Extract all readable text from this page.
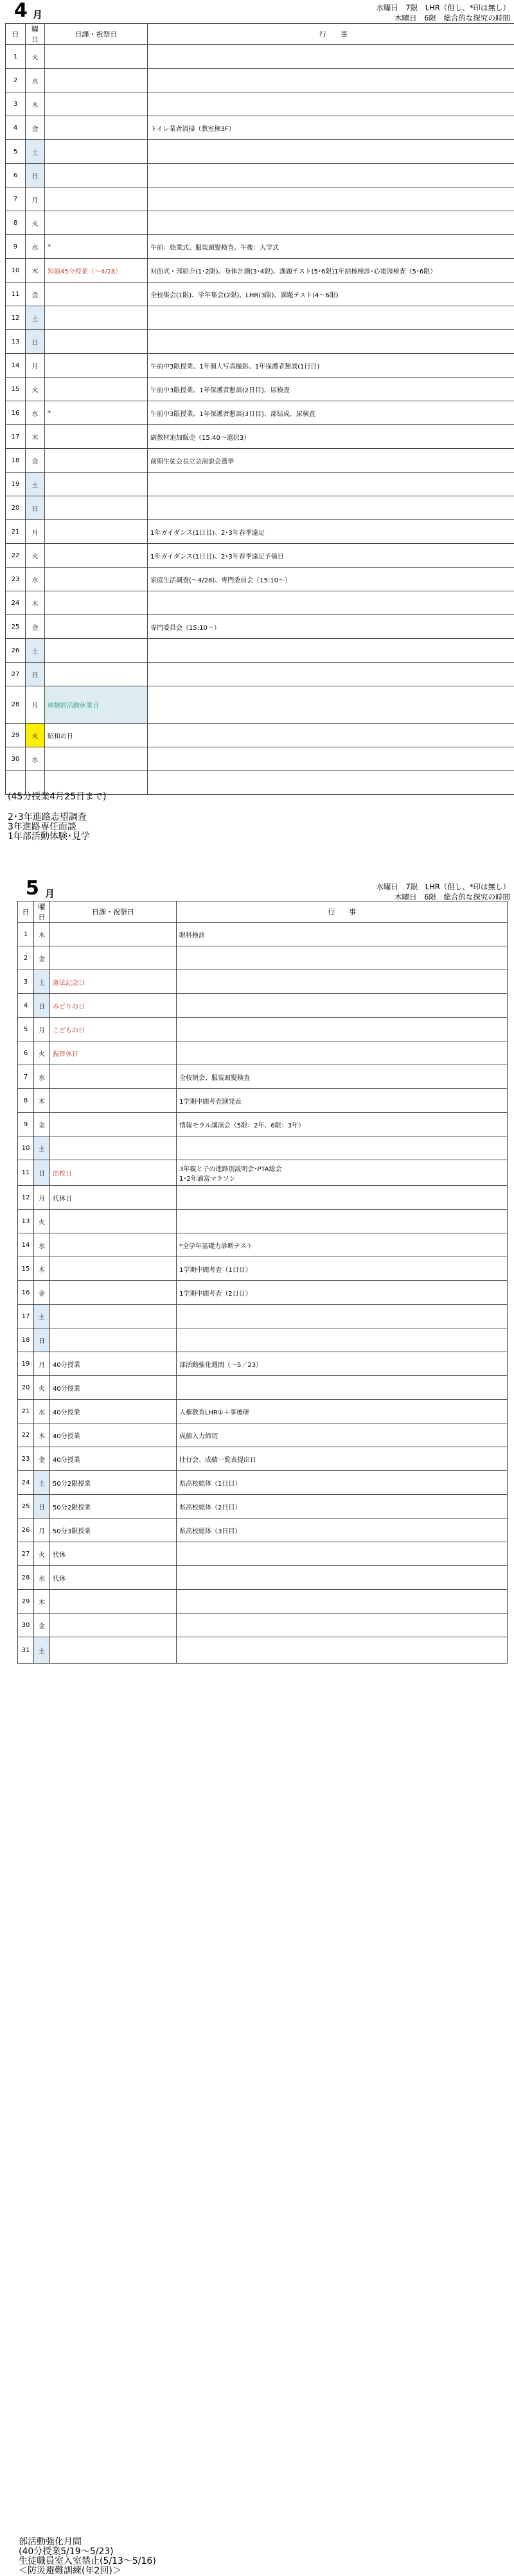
4 月
水曜日　7限　LHR（但し、*印は無し）
木曜日　6限　総合的な探究の時間
日	曜日	日課・祝祭日	行　　事
1	火		
2	水		
3	木		
4	金		トイレ業者清掃（教室棟3F）
5	土		
6	日		
7	月		
8	火		
9	水	*	午前：始業式、服装頭髪検査、午後：入学式
10	木	短縮45分授業（～4/28）	対面式・部紹介(1･2限)、身体計測(3･4限)、課題テスト(5･6限)1年結核検診･心電図検査（5･6限）
11	金		全校集会(1限)、学年集会(2限)、LHR(3限)、課題テスト(4～6限)
12	土		
13	日		
14	月		午前中3限授業、1年個人写真撮影、1年保護者懇談(1日目)
15	火		午前中3限授業、1年保護者懇談(2日目)、尿検査
16	水	*	午前中3限授業、1年保護者懇談(3日目)、部結成、尿検査
17	木		副教材追加販売（15:40～選択3）
18	金		前期生徒会長立会演説会選挙
19	土		
20	日		
21	月		1年ガイダンス(1日目)、2･3年春季遠足
22	火		1年ガイダンス(1日目)、2･3年春季遠足予備日
23	水		家庭生活調査(～4/28)、専門委員会（15:10～）
24	木		
25	金		専門委員会（15:10～）
26	土		
27	日		
28	月	体験的活動休業日	
29	火	昭和の日	
30	水		

(45分授業4月25日まで)
2･3年進路志望調査
3年進路専任面談
1年部活動体験･見学
5 月
水曜日　7限　LHR（但し、*印は無し）
木曜日　6限　総合的な探究の時間
日	曜日	日課・祝祭日	行　　事
1	木		眼科検診
2	金		
3	土	憲法記念日	
4	日	みどりの日	
5	月	こどもの日	
6	火	振替休日	
7	水		全校朝会、服装頭髪検査
8	木		1学期中間考査割発表
9	金		情報モラル講演会（5限：2年、6限：3年）
10	土		
11	日	出校日	3年親と子の進路別説明会･PTA総会
1･2年浦富マラソン

12	月	代休日	
13	火		
14	水		*全学年基礎力診断テスト
15	木		1学期中間考査（1日目）
16	金		1学期中間考査（2日目）
17	土		
18	日		
19	月	40分授業	部活動強化週間（～5／23）
20	火	40分授業	
21	水	40分授業	人権教育LHR①＋事後研
22	木	40分授業	成績入力締切
23	金	40分授業	壮行会、成績一覧表提出日
24	土	50分2限授業	県高校総体（1日目）
25	日	50分2限授業	県高校総体（2日目）
26	月	50分3限授業	県高校総体（3日目）
27	火	代休	
28	水	代休	
29	木		
30	金		
31	土		
部活動強化月間
(40分授業5/19～5/23)
生徒職員室入室禁止(5/13～5/16)
＜防災避難訓練(年2回)＞
